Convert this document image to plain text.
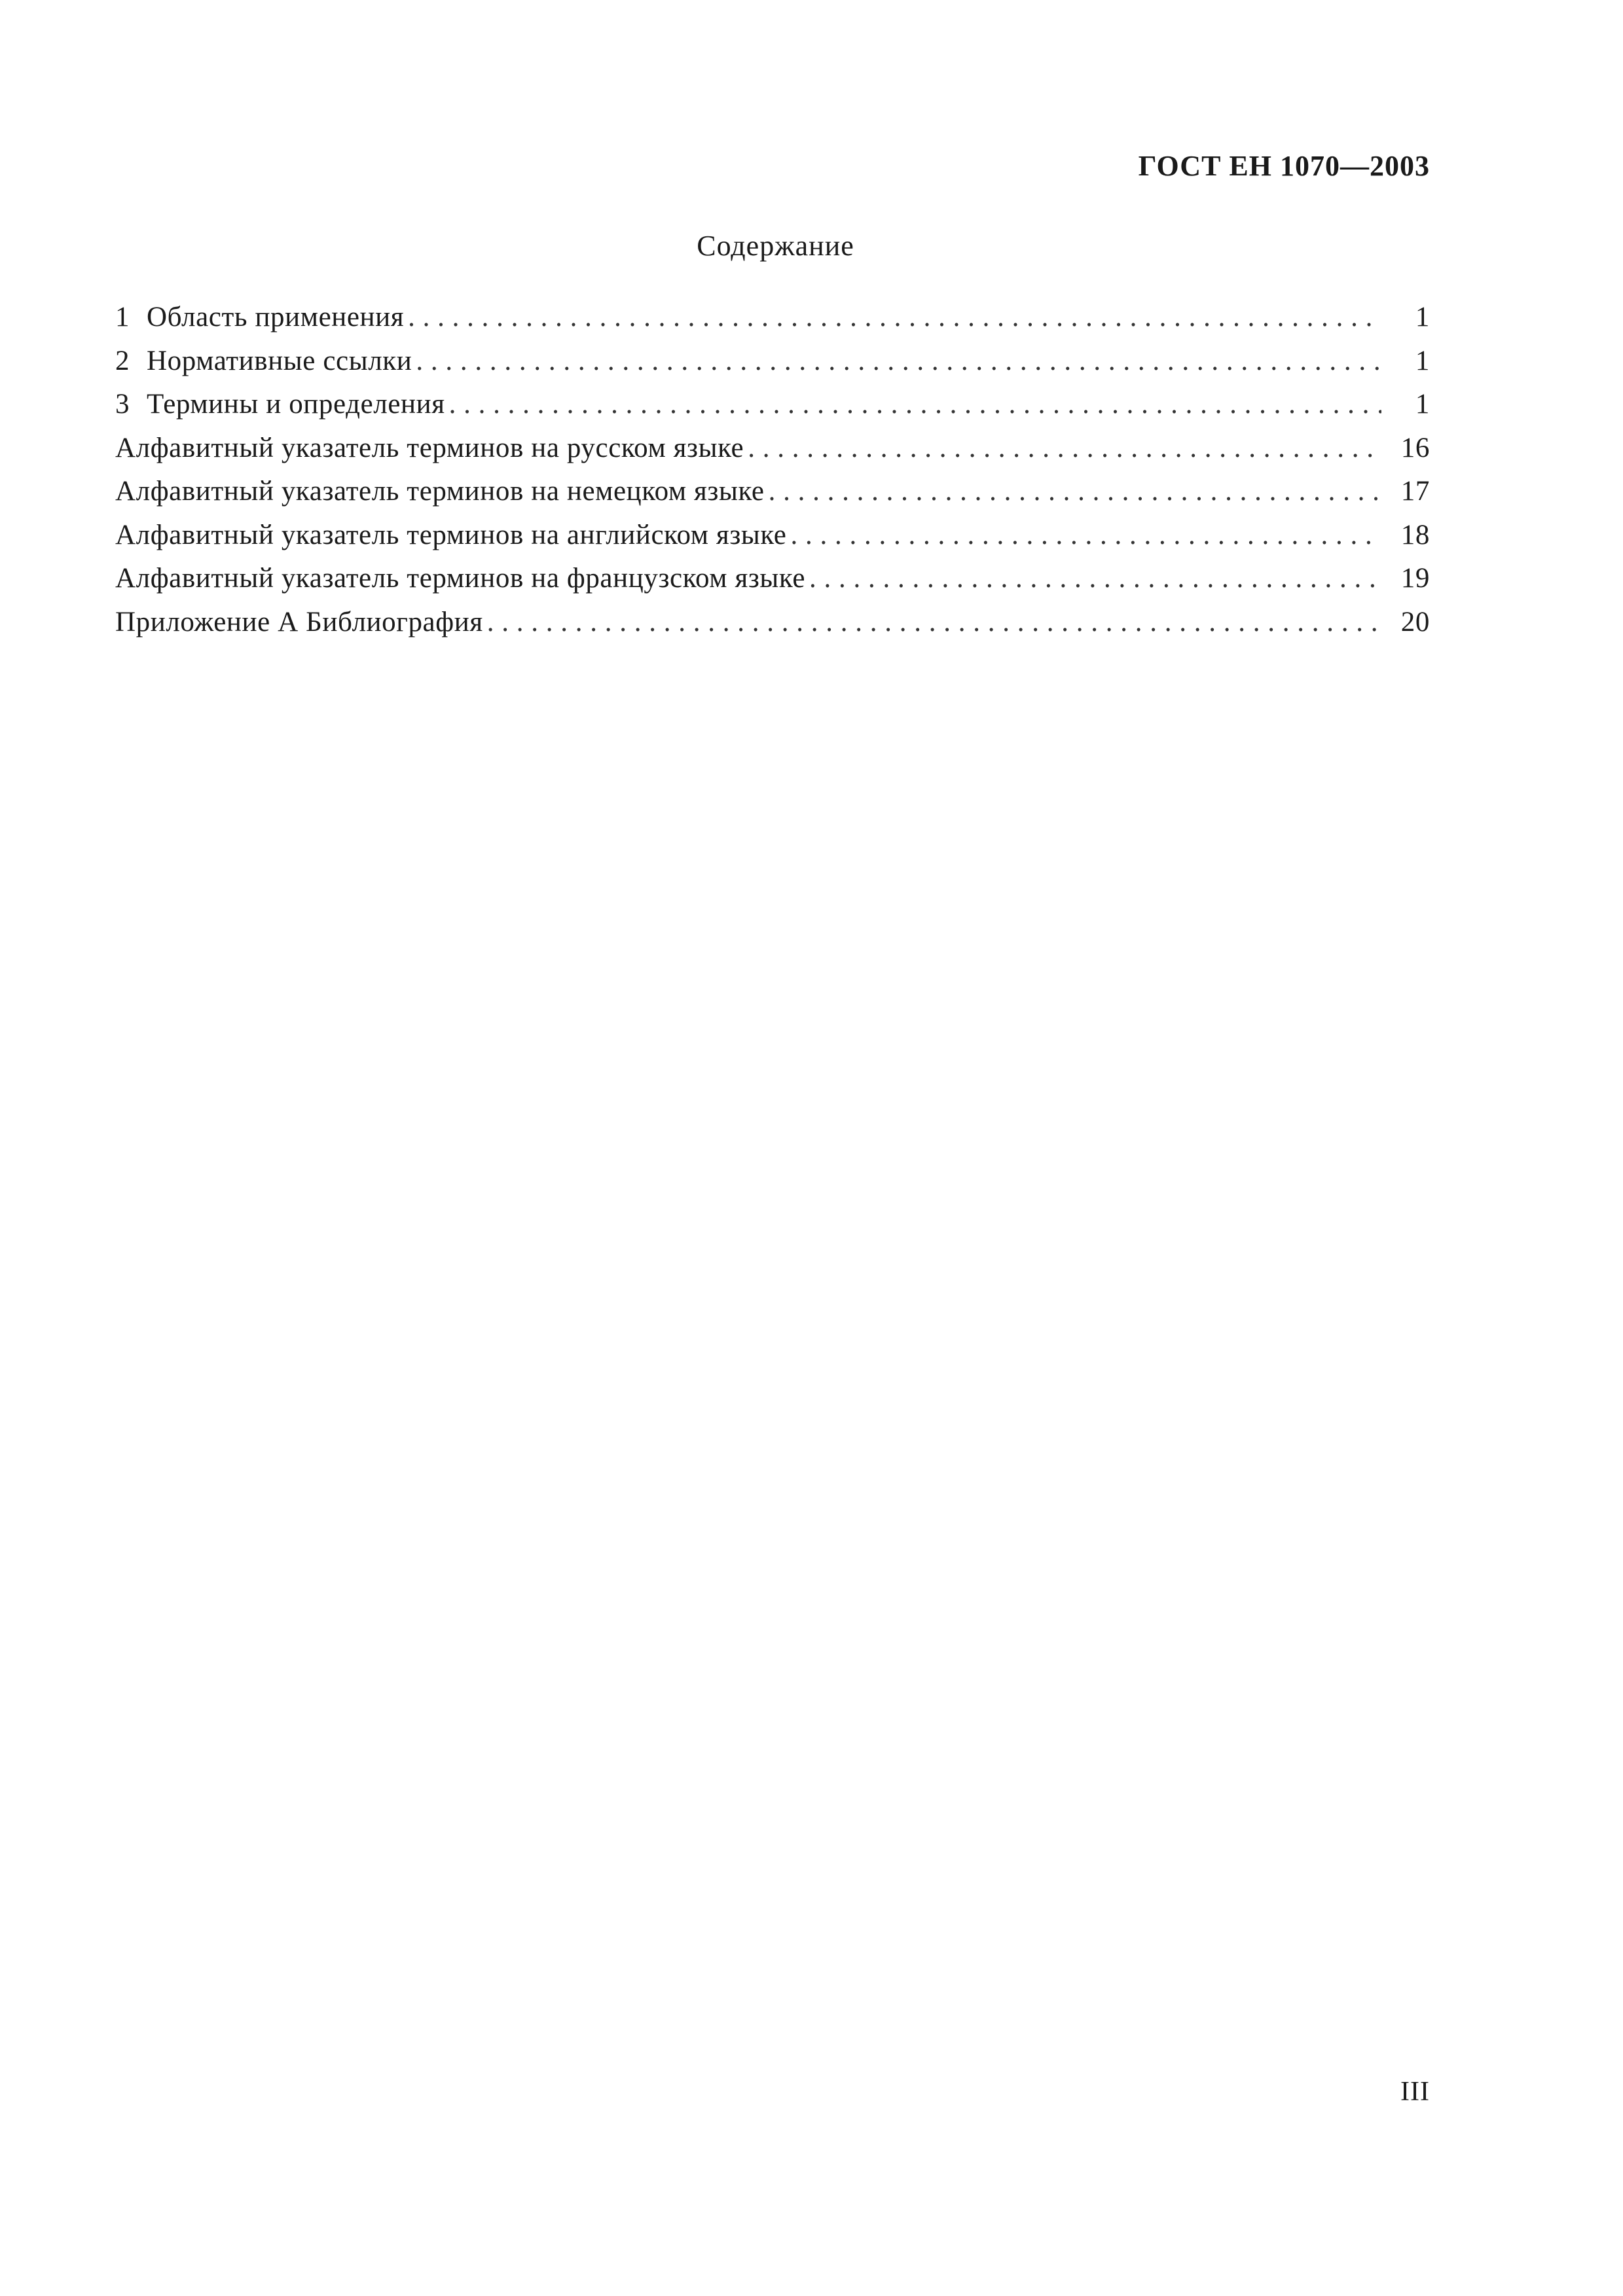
ГОСТ ЕН 1070—2003
Содержание
1 Область применения . . .	1
2 Нормативные ссылки . . .	1
3 Термины и определения . . .	1
Алфавитный указатель терминов на русском языке . . .	16
Алфавитный указатель терминов на немецком языке . . .	17
Алфавитный указатель терминов на английском языке . . .	18
Алфавитный указатель терминов на французском языке . . .	19
Приложение А Библиография . . .	20
III
